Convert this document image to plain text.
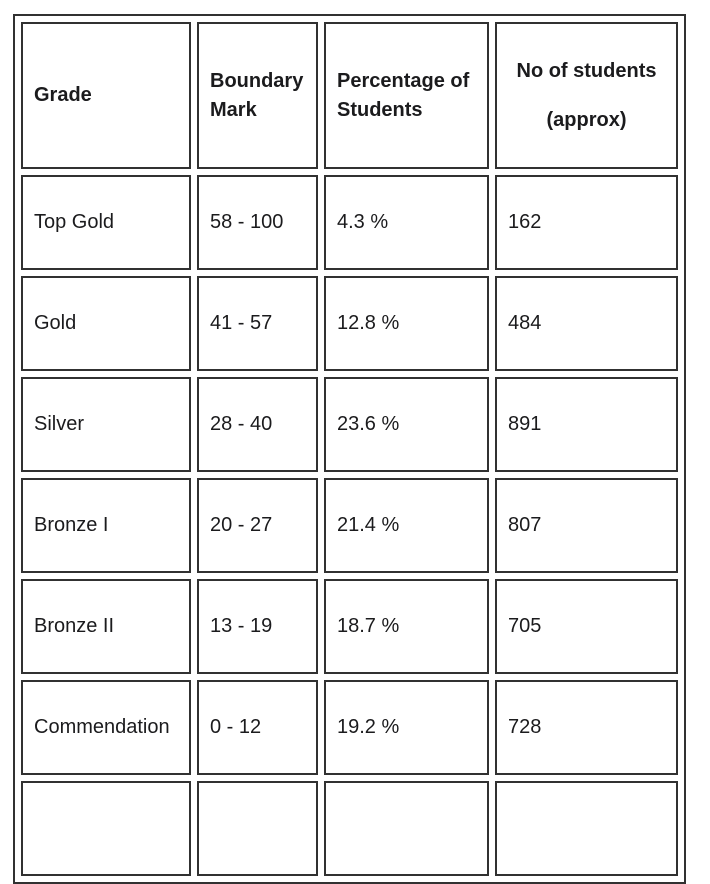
Grade	Boundary Mark	Percentage of Students	No of students
(approx)

Top Gold	58 - 100	4.3 %	162
Gold	41 - 57	12.8 %	484
Silver	28 - 40	23.6 %	891
Bronze I	20 - 27	21.4 %	807
Bronze II	13 - 19	18.7 %	705
Commendation	0 - 12	19.2 %	728
